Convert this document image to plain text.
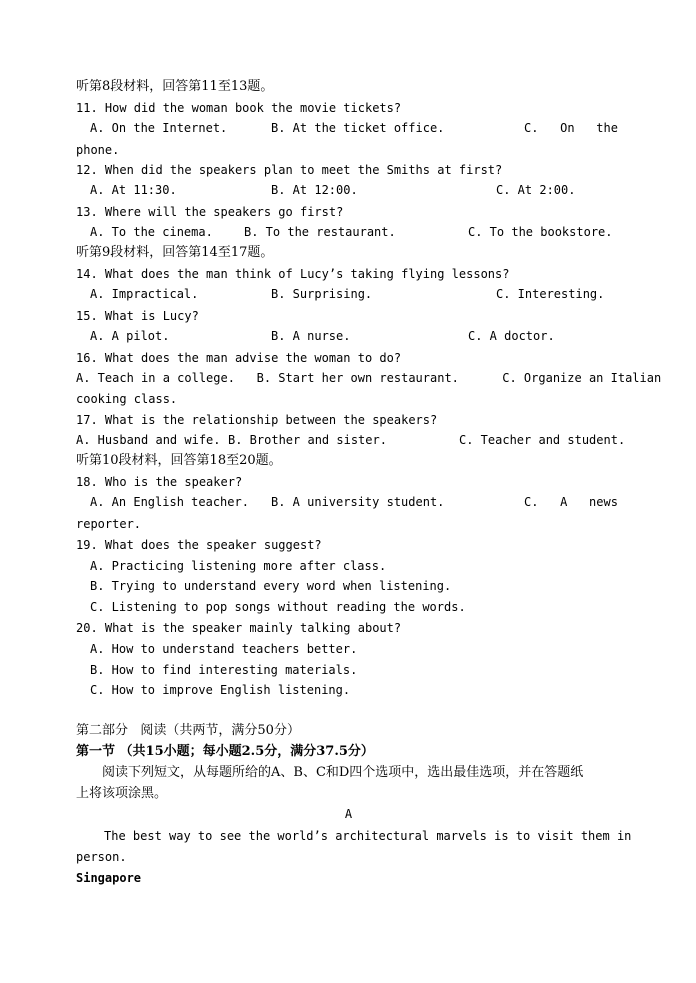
听第8段材料，回答第11至13题。
11. How did the woman book the movie tickets?
A. On the Internet.	B. At the ticket office.	C.   On   the
phone.
12. When did the speakers plan to meet the Smiths at first?
A. At 11:30.	B. At 12:00.	C. At 2:00.
13. Where will the speakers go first?
A. To the cinema.	B. To the restaurant.	C. To the bookstore.
听第9段材料，回答第14至17题。
14. What does the man think of Lucy’s taking flying lessons?
A. Impractical.	B. Surprising.	C. Interesting.
15. What is Lucy?
A. A pilot.	B. A nurse.	C. A doctor.
16. What does the man advise the woman to do?
A. Teach in a college.   B. Start her own restaurant.      C. Organize an Italian
cooking class.
17. What is the relationship between the speakers?
A. Husband and wife. B. Brother and sister.	C. Teacher and student.
听第10段材料，回答第18至20题。
18. Who is the speaker?
A. An English teacher. B. A university student.	C.   A   news
reporter.
19. What does the speaker suggest?
A. Practicing listening more after class.
B. Trying to understand every word when listening.
C. Listening to pop songs without reading the words.
20. What is the speaker mainly talking about?
A. How to understand teachers better.
B. How to find interesting materials.
C. How to improve English listening.
第二部分   阅读（共两节，满分50分）
第一节 （共15小题；每小题2.5分，满分37.5分）
阅读下列短文，从每题所给的A、B、C和D四个选项中，选出最佳选项，并在答题纸
上将该项涂黑。
A
The best way to see the world’s architectural marvels is to visit them in
person.
Singapore
